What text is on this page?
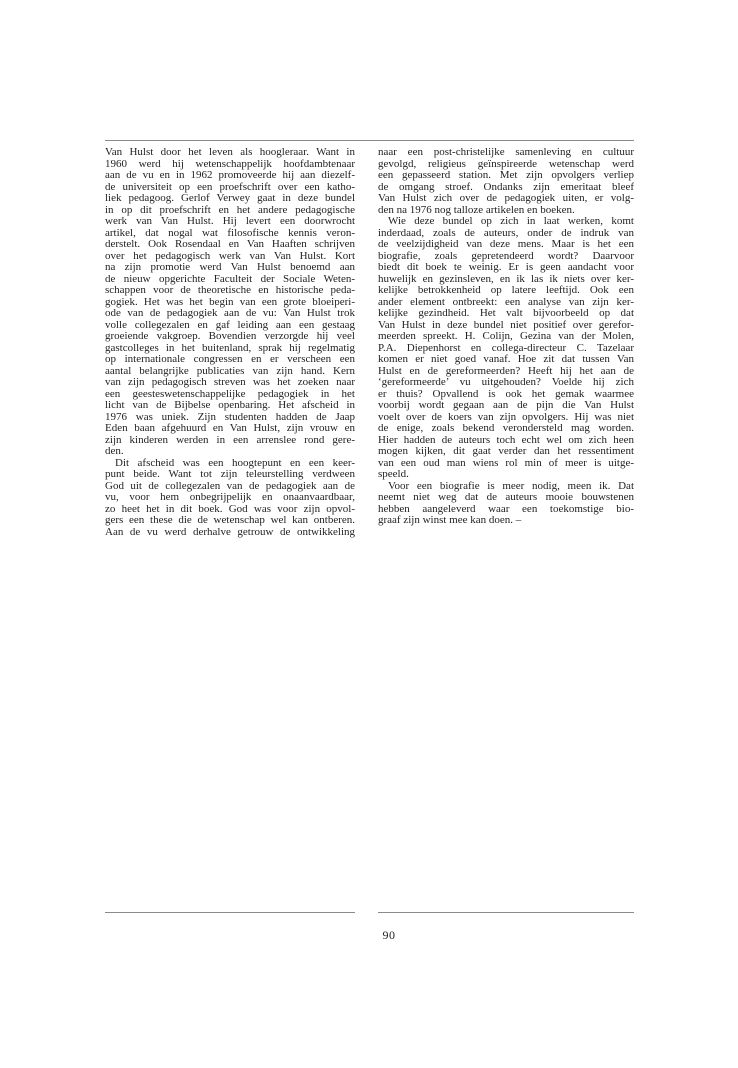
Van Hulst door het leven als hoogleraar. Want in
1960 werd hij wetenschappelijk hoofdambtenaar
aan de vu en in 1962 promoveerde hij aan diezelf-
de universiteit op een proefschrift over een katho-
liek pedagoog. Gerlof Verwey gaat in deze bundel
in op dit proefschrift en het andere pedagogische
werk van Van Hulst. Hij levert een doorwrocht
artikel, dat nogal wat filosofische kennis veron-
derstelt. Ook Rosendaal en Van Haaften schrijven
over het pedagogisch werk van Van Hulst. Kort
na zijn promotie werd Van Hulst benoemd aan
de nieuw opgerichte Faculteit der Sociale Weten-
schappen voor de theoretische en historische peda-
gogiek. Het was het begin van een grote bloeiperi-
ode van de pedagogiek aan de vu: Van Hulst trok
volle collegezalen en gaf leiding aan een gestaag
groeiende vakgroep. Bovendien verzorgde hij veel
gastcolleges in het buitenland, sprak hij regelmatig
op internationale congressen en er verscheen een
aantal belangrijke publicaties van zijn hand. Kern
van zijn pedagogisch streven was het zoeken naar
een geesteswetenschappelijke pedagogiek in het
licht van de Bijbelse openbaring. Het afscheid in
1976 was uniek. Zijn studenten hadden de Jaap
Eden baan afgehuurd en Van Hulst, zijn vrouw en
zijn kinderen werden in een arrenslee rond gere-
den.
Dit afscheid was een hoogtepunt en een keer-
punt beide. Want tot zijn teleurstelling verdween
God uit de collegezalen van de pedagogiek aan de
vu, voor hem onbegrijpelijk en onaanvaardbaar,
zo heet het in dit boek. God was voor zijn opvol-
gers een these die de wetenschap wel kan ontberen.
Aan de vu werd derhalve getrouw de ontwikkeling
naar een post-christelijke samenleving en cultuur
gevolgd, religieus geïnspireerde wetenschap werd
een gepasseerd station. Met zijn opvolgers verliep
de omgang stroef. Ondanks zijn emeritaat bleef
Van Hulst zich over de pedagogiek uiten, er volg-
den na 1976 nog talloze artikelen en boeken.
Wie deze bundel op zich in laat werken, komt
inderdaad, zoals de auteurs, onder de indruk van
de veelzijdigheid van deze mens. Maar is het een
biografie, zoals gepretendeerd wordt? Daarvoor
biedt dit boek te weinig. Er is geen aandacht voor
huwelijk en gezinsleven, en ik las ik niets over ker-
kelijke betrokkenheid op latere leeftijd. Ook een
ander element ontbreekt: een analyse van zijn ker-
kelijke gezindheid. Het valt bijvoorbeeld op dat
Van Hulst in deze bundel niet positief over gerefor-
meerden spreekt. H. Colijn, Gezina van der Molen,
P.A. Diepenhorst en collega-directeur C. Tazelaar
komen er niet goed vanaf. Hoe zit dat tussen Van
Hulst en de gereformeerden? Heeft hij het aan de
‘gereformeerde’ vu uitgehouden? Voelde hij zich
er thuis? Opvallend is ook het gemak waarmee
voorbij wordt gegaan aan de pijn die Van Hulst
voelt over de koers van zijn opvolgers. Hij was niet
de enige, zoals bekend verondersteld mag worden.
Hier hadden de auteurs toch echt wel om zich heen
mogen kijken, dit gaat verder dan het ressentiment
van een oud man wiens rol min of meer is uitge-
speeld.
Voor een biografie is meer nodig, meen ik. Dat
neemt niet weg dat de auteurs mooie bouwstenen
hebben aangeleverd waar een toekomstige bio-
graaf zijn winst mee kan doen. –
90
